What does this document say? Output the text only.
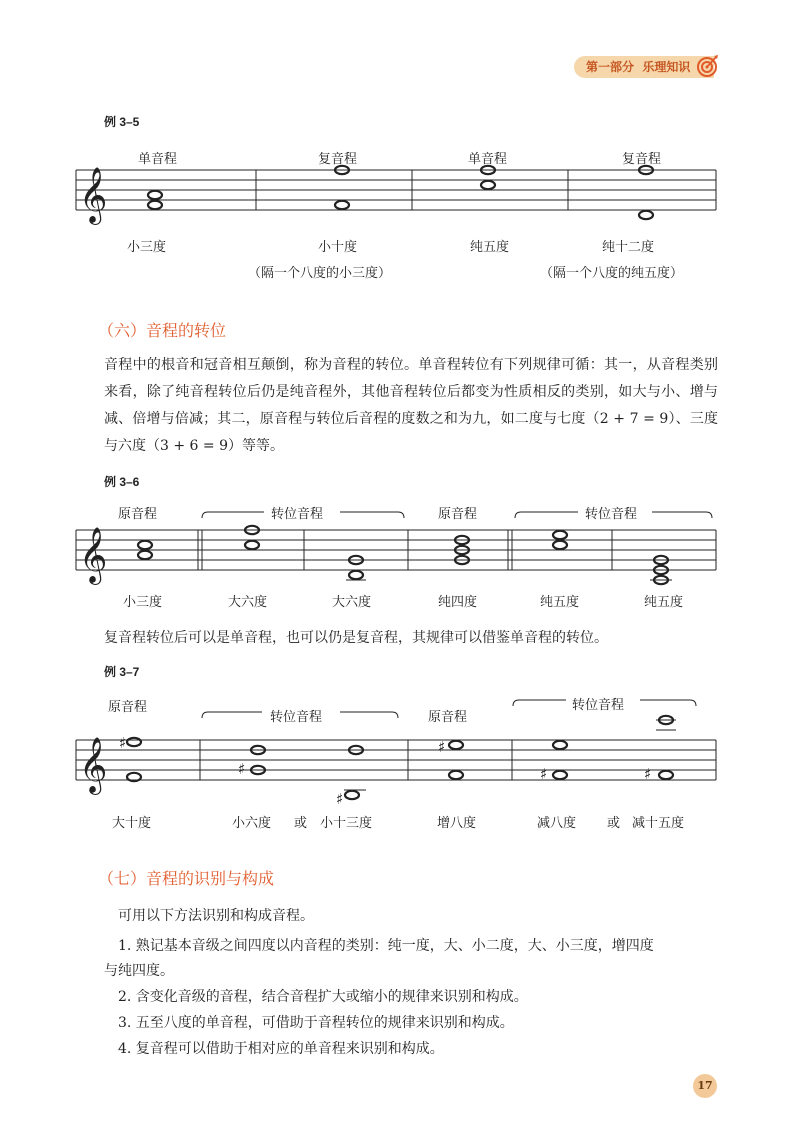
第一部分 乐理知识
例 3–5
单音程	复音程	单音程	复音程
𝄞
小三度	小十度	纯五度	纯十二度
（隔一个八度的小三度）	（隔一个八度的纯五度）
（六）音程的转位

音程中的根音和冠音相互颠倒，称为音程的转位。单音程转位有下列规律可循：其一，从音程类别来看，除了纯音程转位后仍是纯音程外，其他音程转位后都变为性质相反的类别，如大与小、增与减、倍增与倍减；其二，原音程与转位后音程的度数之和为九，如二度与七度（2 + 7 = 9）、三度与六度（3 + 6 = 9）等等。

例 3–6
原音程	转位音程	原音程	转位音程
𝄞
小三度	大六度	大六度	纯四度	纯五度	纯五度
复音程转位后可以是单音程，也可以仍是复音程，其规律可以借鉴单音程的转位。
例 3–7
原音程
转位音程	原音程
转位音程
𝄞 ♯
♯
♯
♯
♯	♯
大十度	小六度 或 小十三度	增八度	减八度 或 减十五度
（七）音程的识别与构成
可用以下方法识别和构成音程。
1. 熟记基本音级之间四度以内音程的类别：纯一度，大、小二度，大、小三度，增四度
与纯四度。
2. 含变化音级的音程，结合音程扩大或缩小的规律来识别和构成。
3. 五至八度的单音程，可借助于音程转位的规律来识别和构成。
4. 复音程可以借助于相对应的单音程来识别和构成。
17
